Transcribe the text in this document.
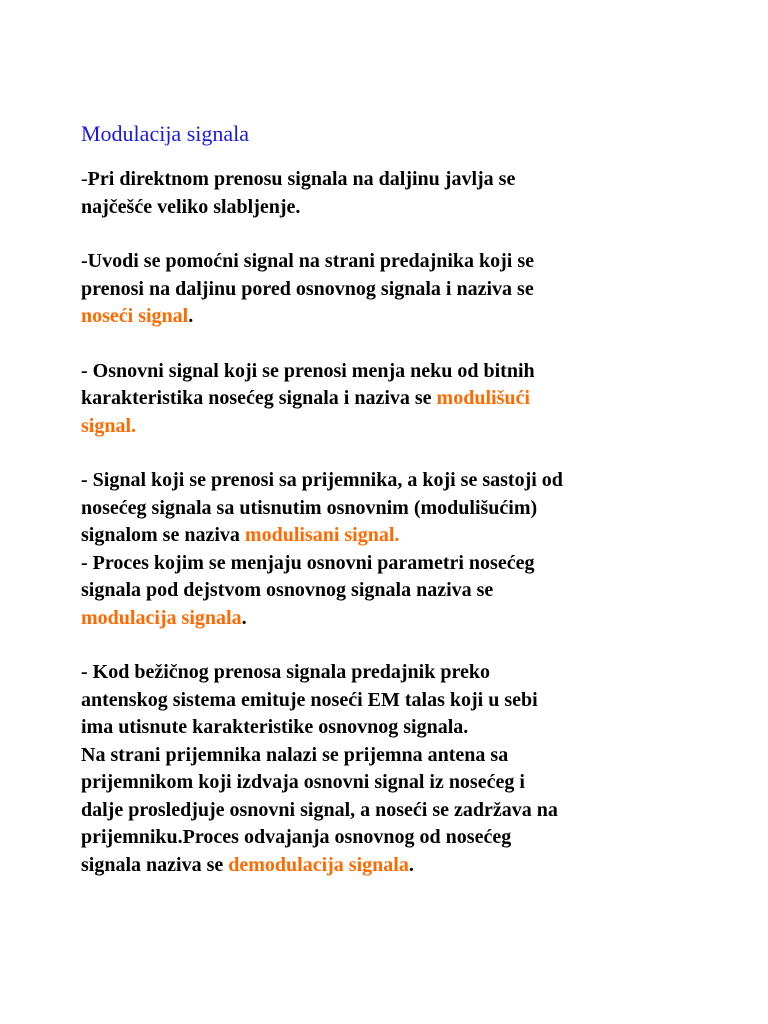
Modulacija signala

-Pri direktnom prenosu signala na daljinu javlja se
najčešće veliko slabljenje.

-Uvodi se pomoćni signal na strani predajnika koji se
prenosi na daljinu pored osnovnog signala i naziva se
noseći signal.

- Osnovni signal koji se prenosi menja neku od bitnih
karakteristika nosećeg signala i naziva se modulišući
signal.

- Signal koji se prenosi sa prijemnika, a koji se sastoji od
nosećeg signala sa utisnutim osnovnim (modulišućim)
signalom se naziva modulisani signal.

- Proces kojim se menjaju osnovni parametri nosećeg
signala pod dejstvom osnovnog signala naziva se
modulacija signala.

- Kod bežičnog prenosa signala predajnik preko
antenskog sistema emituje noseći EM talas koji u sebi
ima utisnute karakteristike osnovnog signala.
Na strani prijemnika nalazi se prijemna antena sa
prijemnikom koji izdvaja osnovni signal iz nosećeg i
dalje prosledjuje osnovni signal, a noseći se zadržava na
prijemniku.Proces odvajanja osnovnog od nosećeg
signala naziva se demodulacija signala.
